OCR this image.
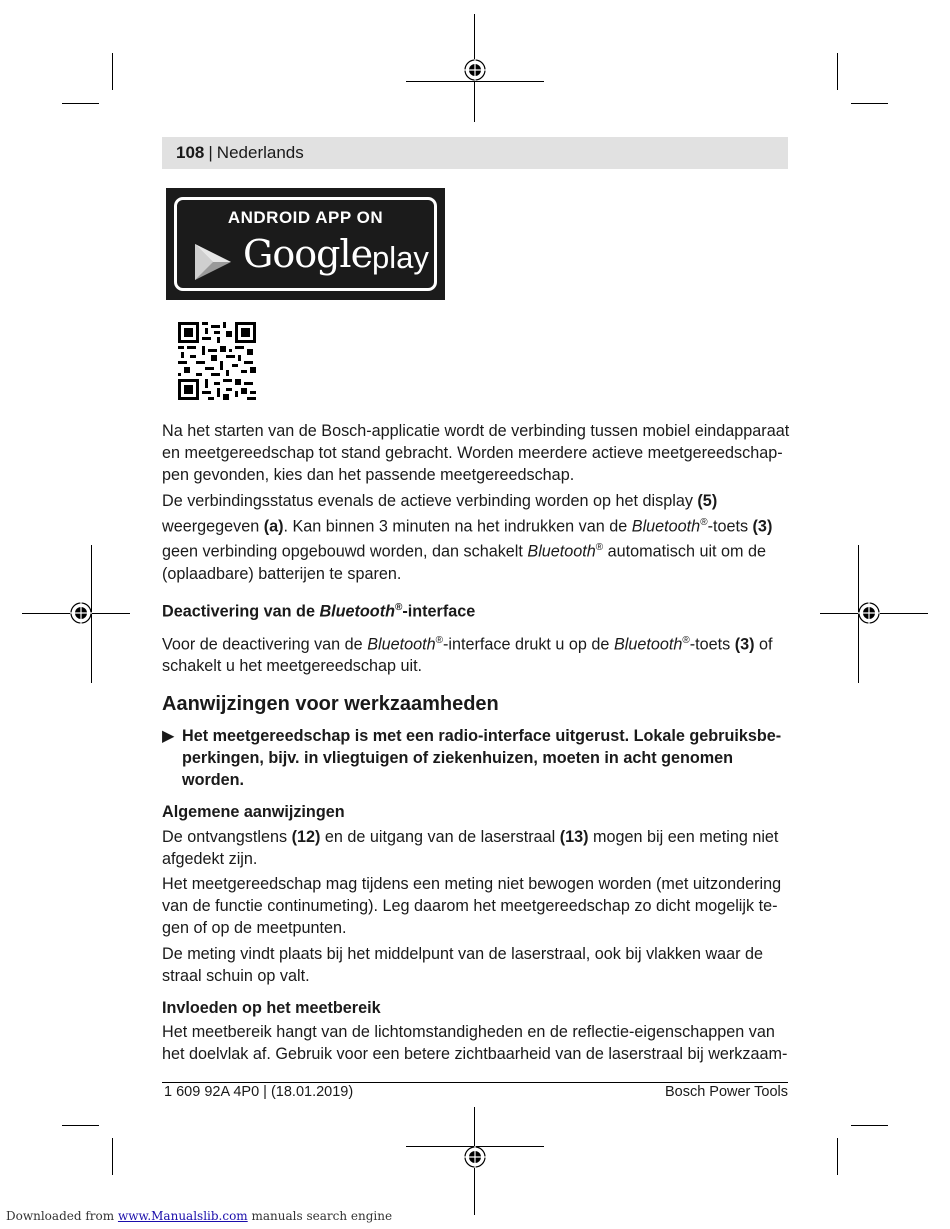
108 | Nederlands
ANDROID APP ON
Google play

Na het starten van de Bosch-applicatie wordt de verbinding tussen mobiel eindapparaat en meetgereedschap tot stand gebracht. Worden meerdere actieve meetgereedschappen gevonden, kies dan het passende meetgereedschap.

De verbindingsstatus evenals de actieve verbinding worden op het display (5) weergegeven (a). Kan binnen 3 minuten na het indrukken van de Bluetooth®-toets (3) geen verbinding opgebouwd worden, dan schakelt Bluetooth® automatisch uit om de (oplaadbare) batterijen te sparen.

Deactivering van de Bluetooth®-interface

Voor de deactivering van de Bluetooth®-interface drukt u op de Bluetooth®-toets (3) of schakelt u het meetgereedschap uit.

Aanwijzingen voor werkzaamheden
▶ Het meetgereedschap is met een radio-interface uitgerust. Lokale gebruiksbeperkingen, bijv. in vliegtuigen of ziekenhuizen, moeten in acht genomen worden.
Algemene aanwijzingen

De ontvangstlens (12) en de uitgang van de laserstraal (13) mogen bij een meting niet afgedekt zijn.

Het meetgereedschap mag tijdens een meting niet bewogen worden (met uitzondering van de functie continumeting). Leg daarom het meetgereedschap zo dicht mogelijk tegen of op de meetpunten.

De meting vindt plaats bij het middelpunt van de laserstraal, ook bij vlakken waar de straal schuin op valt.

Invloeden op het meetbereik

Het meetbereik hangt van de lichtomstandigheden en de reflectie-eigenschappen van het doelvlak af. Gebruik voor een betere zichtbaarheid van de laserstraal bij werkzaam-

1 609 92A 4P0 | (18.01.2019)	Bosch Power Tools
Downloaded from www.Manualslib.com manuals search engine
